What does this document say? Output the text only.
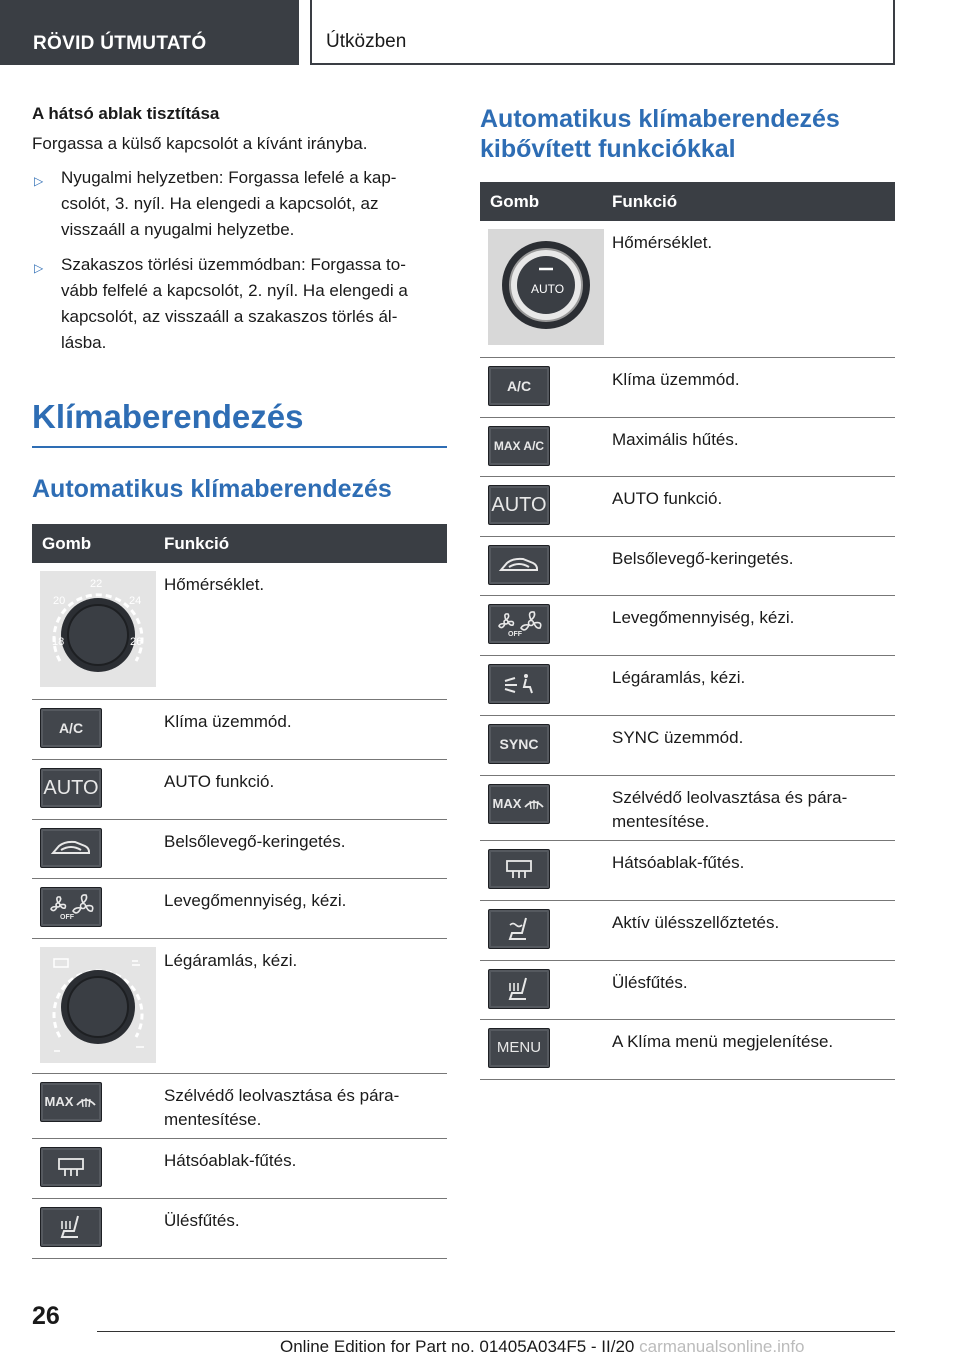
RÖVID ÚTMUTATÓ	Útközben
A hátsó ablak tisztítása
Forgassa a külső kapcsolót a kívánt irányba.
▷ Nyugalmi helyzetben: Forgassa lefelé a kap- csolót, 3. nyíl. Ha elengedi a kapcsolót, az visszaáll a nyugalmi helyzetbe.
▷ Szakaszos törlési üzemmódban: Forgassa to- vább felfelé a kapcsolót, 2. nyíl. Ha elengedi a kapcsolót, az visszaáll a szakaszos törlés ál- lásba.
Klímaberendezés
Automatikus klímaberendezés
Gomb	Funkció

18
20
22
24
26	Hőmérséklet.

A/C	Klíma üzemmód.

AUTO	AUTO funkció.

	Belsőlevegő-keringetés.

OFF	Levegőmennyiség, kézi.

	Légáramlás, kézi.

MAX	Szélvédő leolvasztása és pára- mentesítése.

	Hátsóablak-fűtés.

	Ülésfűtés.
Automatikus klímaberendezés kibővített funkciókkal
Gomb	Funkció

AUTO	Hőmérséklet.

A/C	Klíma üzemmód.

MAX A/C	Maximális hűtés.

AUTO	AUTO funkció.

	Belsőlevegő-keringetés.

OFF	Levegőmennyiség, kézi.

	Légáramlás, kézi.

SYNC	SYNC üzemmód.

MAX	Szélvédő leolvasztása és pára- mentesítése.

	Hátsóablak-fűtés.

	Aktív ülésszellőztetés.

	Ülésfűtés.

MENU	A Klíma menü megjelenítése.
26
Online Edition for Part no. 01405A034F5 - II/20 carmanualsonline.info
